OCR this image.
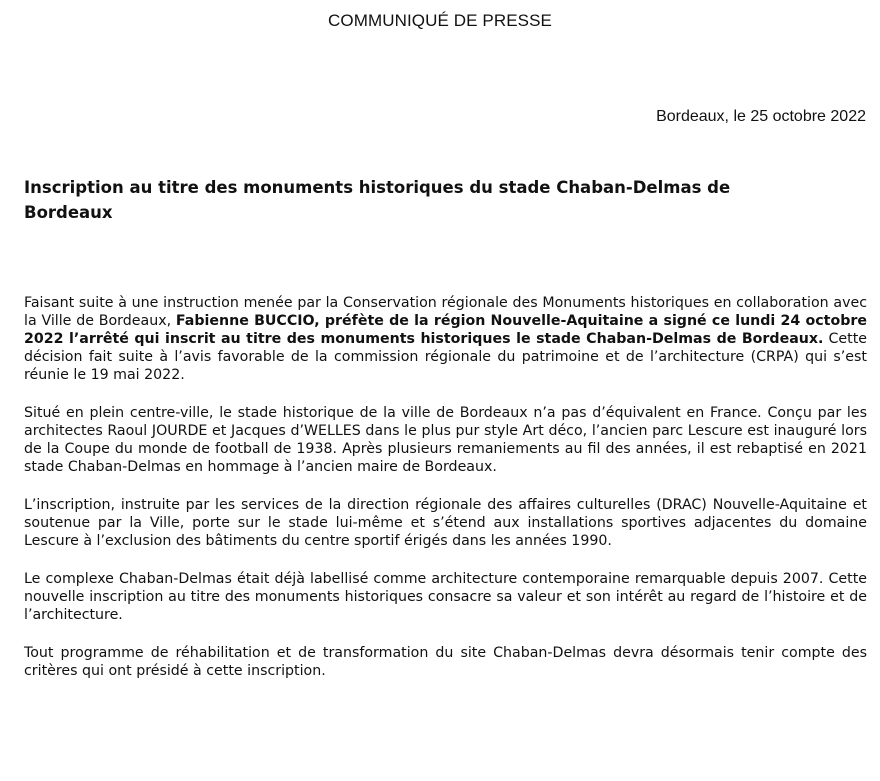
COMMUNIQUÉ DE PRESSE
Bordeaux, le 25 octobre 2022
Inscription au titre des monuments historiques du stade Chaban-Delmas de Bordeaux

Faisant suite à une instruction menée par la Conservation régionale des Monuments historiques en collaboration avec la Ville de Bordeaux, Fabienne BUCCIO, préfète de la région Nouvelle-Aquitaine a signé ce lundi 24 octobre 2022 l’arrêté qui inscrit au titre des monuments historiques le stade Chaban-Delmas de Bordeaux. Cette décision fait suite à l’avis favorable de la commission régionale du patrimoine et de l’architecture (CRPA) qui s’est réunie le 19 mai 2022.

Situé en plein centre-ville, le stade historique de la ville de Bordeaux n’a pas d’équivalent en France. Conçu par les architectes Raoul JOURDE et Jacques d’WELLES dans le plus pur style Art déco, l’ancien parc Lescure est inauguré lors de la Coupe du monde de football de 1938. Après plusieurs remaniements au fil des années, il est rebaptisé en 2021 stade Chaban-Delmas en hommage à l’ancien maire de Bordeaux.

L’inscription, instruite par les services de la direction régionale des affaires culturelles (DRAC) Nouvelle-Aquitaine et soutenue par la Ville, porte sur le stade lui-même et s’étend aux installations sportives adjacentes du domaine Lescure à l’exclusion des bâtiments du centre sportif érigés dans les années 1990.

Le complexe Chaban-Delmas était déjà labellisé comme architecture contemporaine remarquable depuis 2007. Cette nouvelle inscription au titre des monuments historiques consacre sa valeur et son intérêt au regard de l’histoire et de l’architecture.

Tout programme de réhabilitation et de transformation du site Chaban-Delmas devra désormais tenir compte des critères qui ont présidé à cette inscription.
